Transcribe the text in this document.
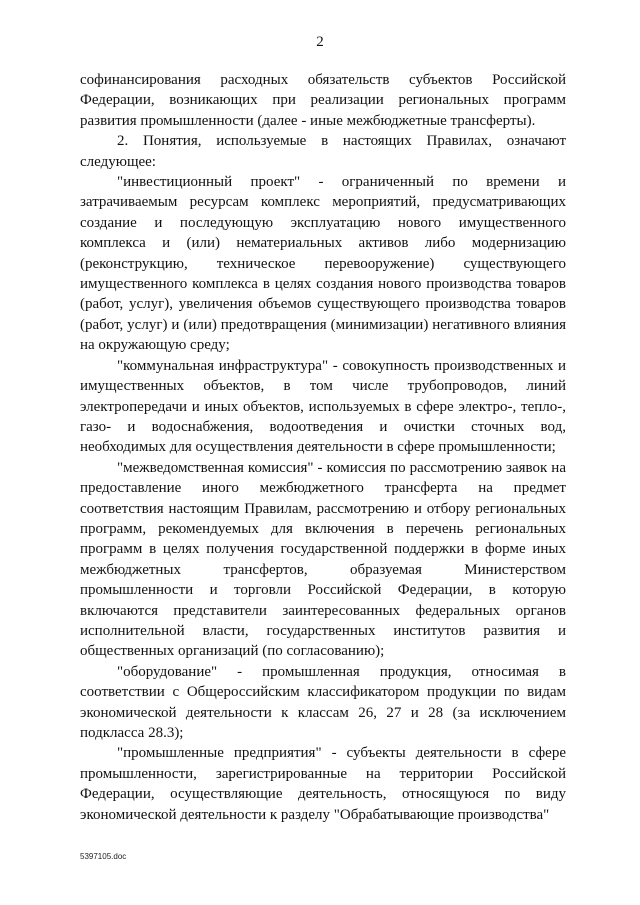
2

софинансирования расходных обязательств субъектов Российской Федерации, возникающих при реализации региональных программ развития промышленности (далее - иные межбюджетные трансферты).

2. Понятия, используемые в настоящих Правилах, означают следующее:

"инвестиционный проект" - ограниченный по времени и затрачиваемым ресурсам комплекс мероприятий, предусматривающих создание и последующую эксплуатацию нового имущественного комплекса и (или) нематериальных активов либо модернизацию (реконструкцию, техническое перевооружение) существующего имущественного комплекса в целях создания нового производства товаров (работ, услуг), увеличения объемов существующего производства товаров (работ, услуг) и (или) предотвращения (минимизации) негативного влияния на окружающую среду;

"коммунальная инфраструктура" - совокупность производственных и имущественных объектов, в том числе трубопроводов, линий электропередачи и иных объектов, используемых в сфере электро-, тепло-, газо- и водоснабжения, водоотведения и очистки сточных вод, необходимых для осуществления деятельности в сфере промышленности;

"межведомственная комиссия" - комиссия по рассмотрению заявок на предоставление иного межбюджетного трансферта на предмет соответствия настоящим Правилам, рассмотрению и отбору региональных программ, рекомендуемых для включения в перечень региональных программ в целях получения государственной поддержки в форме иных межбюджетных трансфертов, образуемая Министерством промышленности и торговли Российской Федерации, в которую включаются представители заинтересованных федеральных органов исполнительной власти, государственных институтов развития и общественных организаций (по согласованию);

"оборудование" - промышленная продукция, относимая в соответствии с Общероссийским классификатором продукции по видам экономической деятельности к классам 26, 27 и 28 (за исключением подкласса 28.3);

"промышленные предприятия" - субъекты деятельности в сфере промышленности, зарегистрированные на территории Российской Федерации, осуществляющие деятельность, относящуюся по виду экономической деятельности к разделу "Обрабатывающие производства"

5397105.doc
